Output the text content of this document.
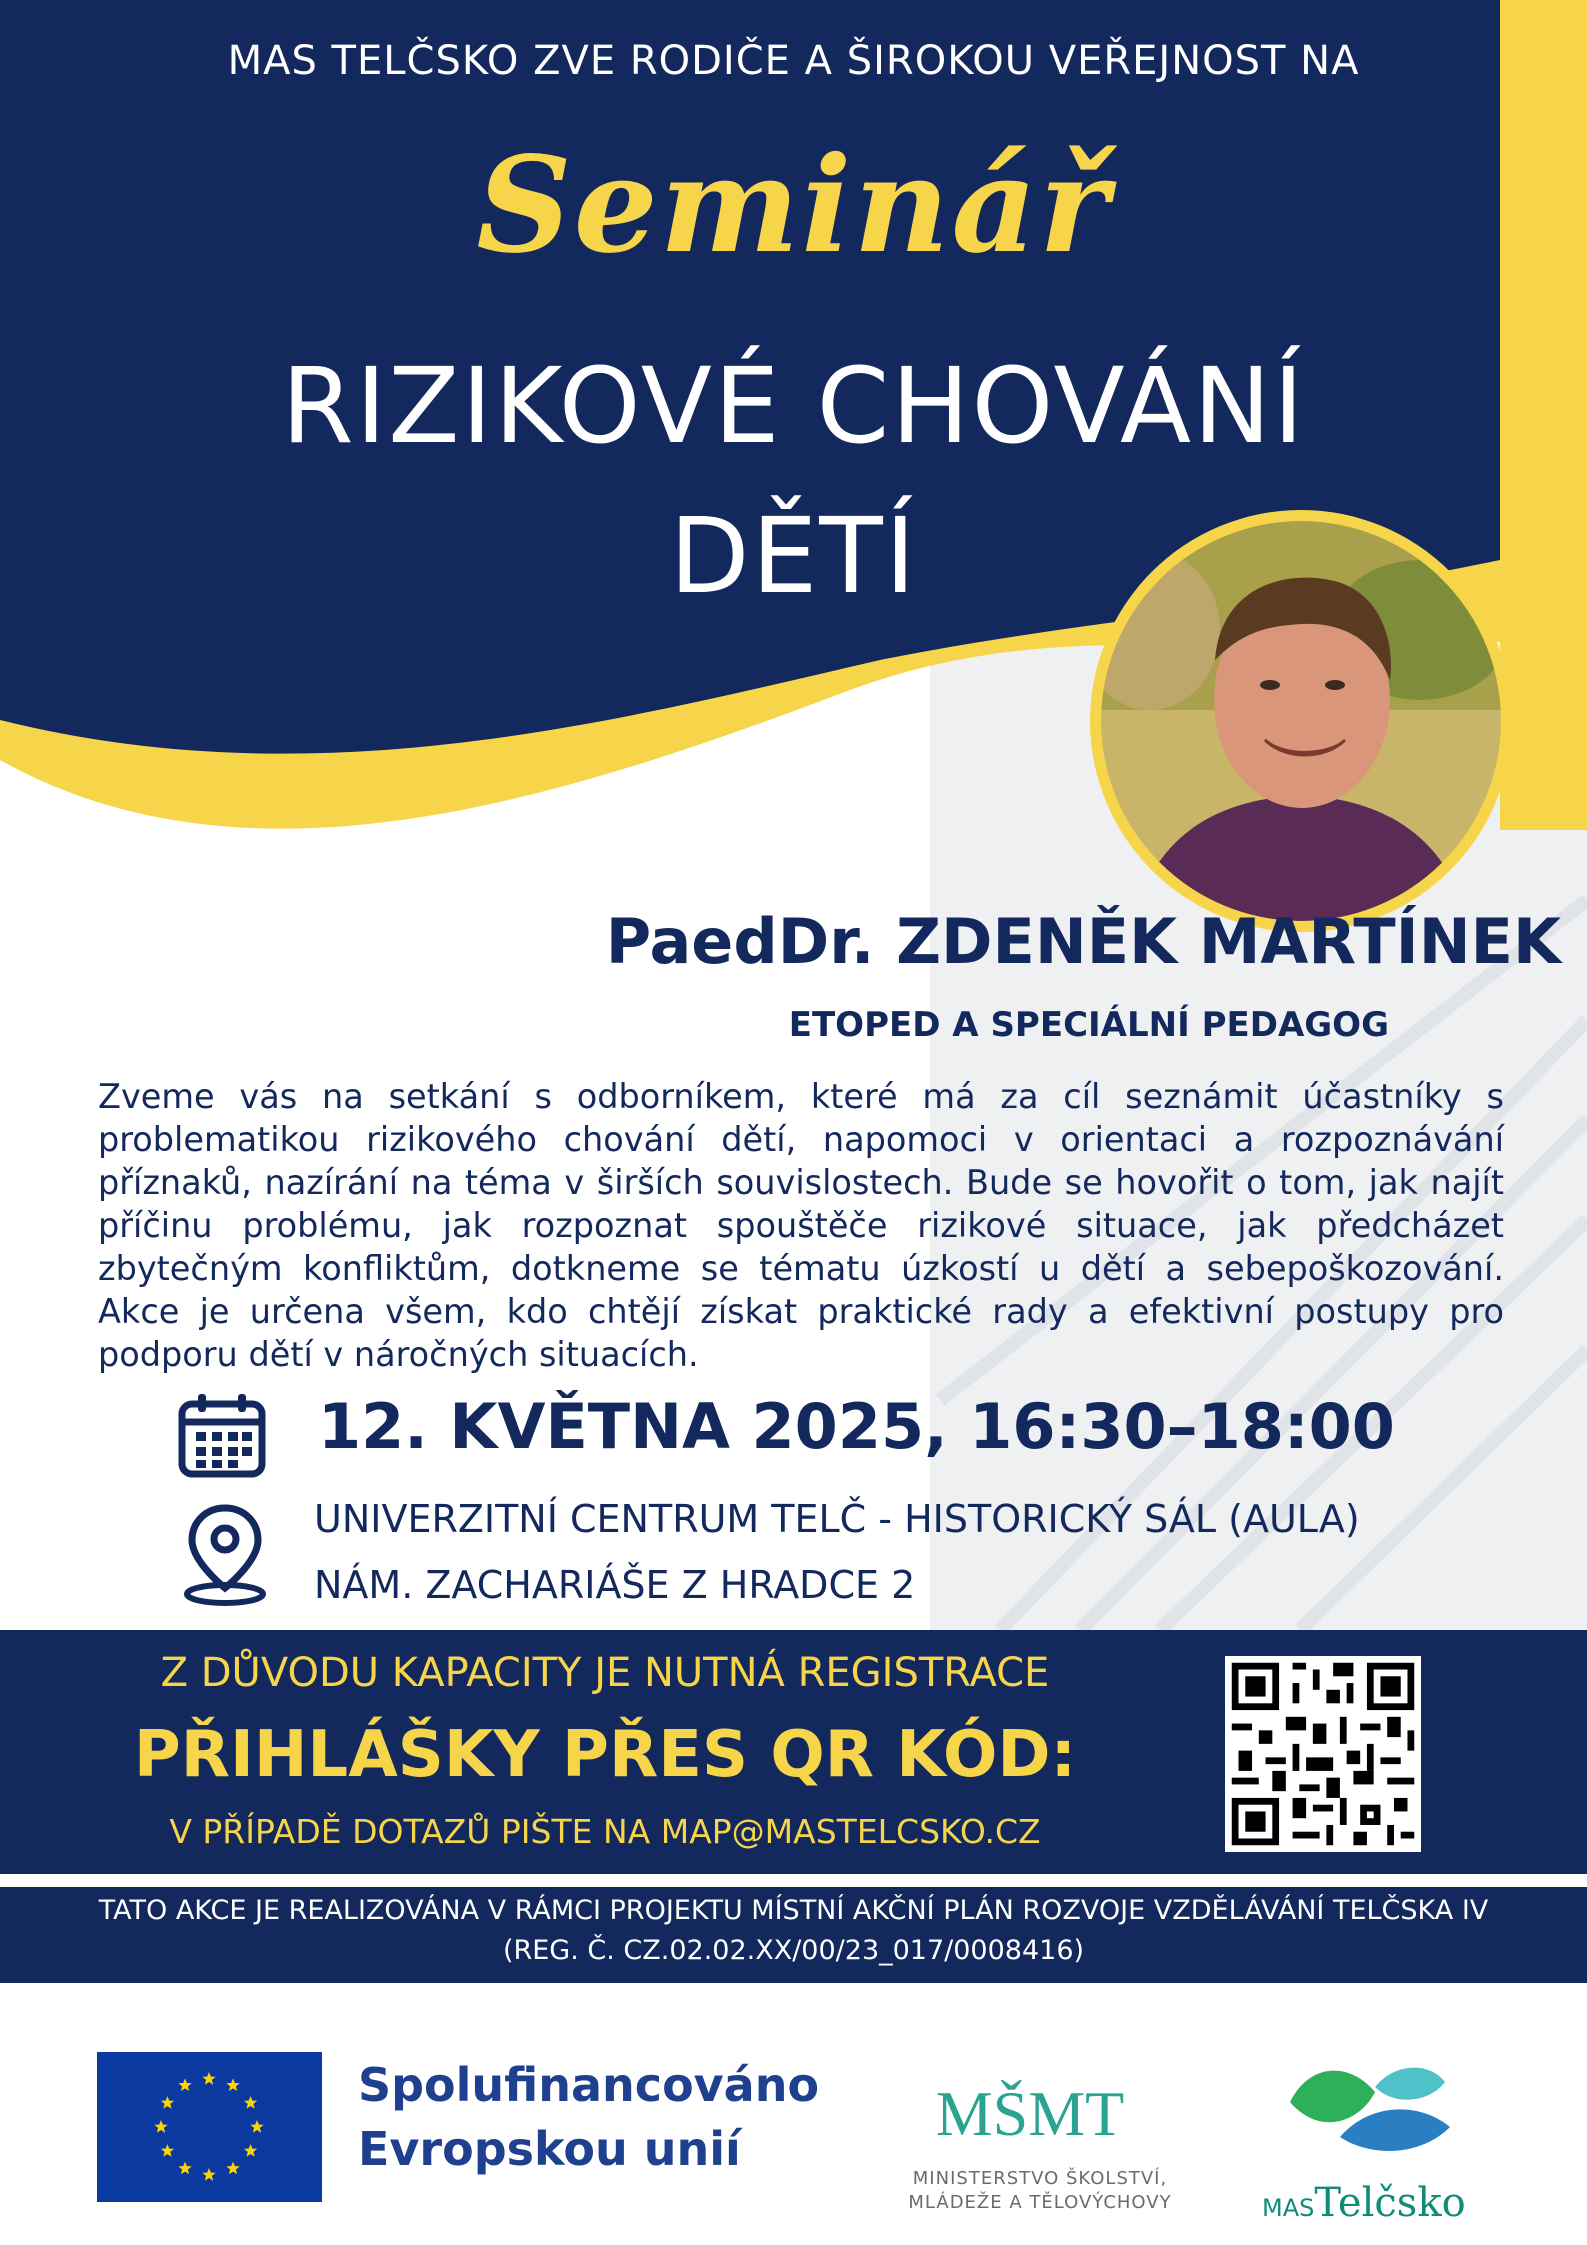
MAS TELČSKO ZVE RODIČE A ŠIROKOU VEŘEJNOST NA
Seminář
RIZIKOVÉ CHOVÁNÍ
DĚTÍ
PaedDr. ZDENĚK MARTÍNEK
ETOPED A SPECIÁLNÍ PEDAGOG
Zveme vás na setkání s odborníkem, které má za cíl seznámit účastníky s problematikou rizikového chování dětí, napomoci v orientaci a rozpoznávání příznaků, nazírání na téma v širších souvislostech. Bude se hovořit o tom, jak najít příčinu problému, jak rozpoznat spouštěče rizikové situace, jak předcházet zbytečným konfliktům, dotkneme se tématu úzkostí u dětí a sebepoškozování. Akce je určena všem, kdo chtějí získat praktické rady a efektivní postupy pro podporu dětí v náročných situacích.
12. KVĚTNA 2025, 16:30–18:00
UNIVERZITNÍ CENTRUM TELČ - HISTORICKÝ SÁL (AULA)
NÁM. ZACHARIÁŠE Z HRADCE 2
Z DŮVODU KAPACITY JE NUTNÁ REGISTRACE
PŘIHLÁŠKY PŘES QR KÓD:
V PŘÍPADĚ DOTAZŮ PIŠTE NA MAP@MASTELCSKO.CZ
TATO AKCE JE REALIZOVÁNA V RÁMCI PROJEKTU MÍSTNÍ AKČNÍ PLÁN ROZVOJE VZDĚLÁVÁNÍ TELČSKA IV
(REG. Č. CZ.02.02.XX/00/23_017/0008416)
Spolufinancováno
Evropskou unií	MŠMT
MINISTERSTVO ŠKOLSTVÍ,
MLÁDEŽE A TĚLOVÝCHOVY	MASTelčsko
